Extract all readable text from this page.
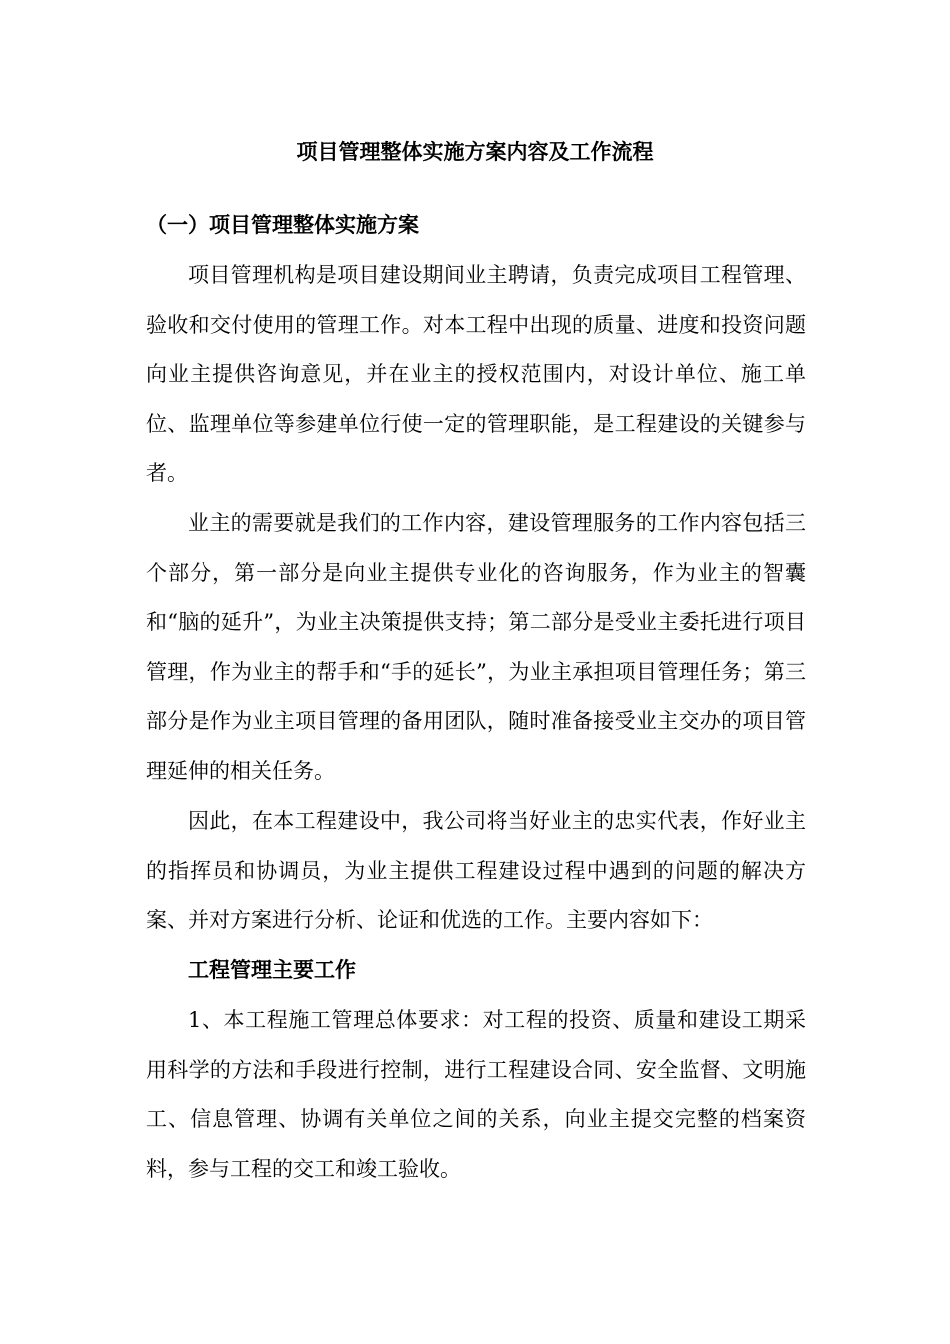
项目管理整体实施方案内容及工作流程
（一）项目管理整体实施方案

项目管理机构是项目建设期间业主聘请，负责完成项目工程管理、验收和交付使用的管理工作。对本工程中出现的质量、进度和投资问题向业主提供咨询意见，并在业主的授权范围内，对设计单位、施工单位、监理单位等参建单位行使一定的管理职能，是工程建设的关键参与者。

业主的需要就是我们的工作内容，建设管理服务的工作内容包括三个部分，第一部分是向业主提供专业化的咨询服务，作为业主的智囊和“脑的延升”，为业主决策提供支持；第二部分是受业主委托进行项目管理，作为业主的帮手和“手的延长”，为业主承担项目管理任务；第三部分是作为业主项目管理的备用团队，随时准备接受业主交办的项目管理延伸的相关任务。

因此，在本工程建设中，我公司将当好业主的忠实代表，作好业主的指挥员和协调员，为业主提供工程建设过程中遇到的问题的解决方案、并对方案进行分析、论证和优选的工作。主要内容如下：

工程管理主要工作

1、本工程施工管理总体要求：对工程的投资、质量和建设工期采用科学的方法和手段进行控制，进行工程建设合同、安全监督、文明施工、信息管理、协调有关单位之间的关系，向业主提交完整的档案资料，参与工程的交工和竣工验收。
